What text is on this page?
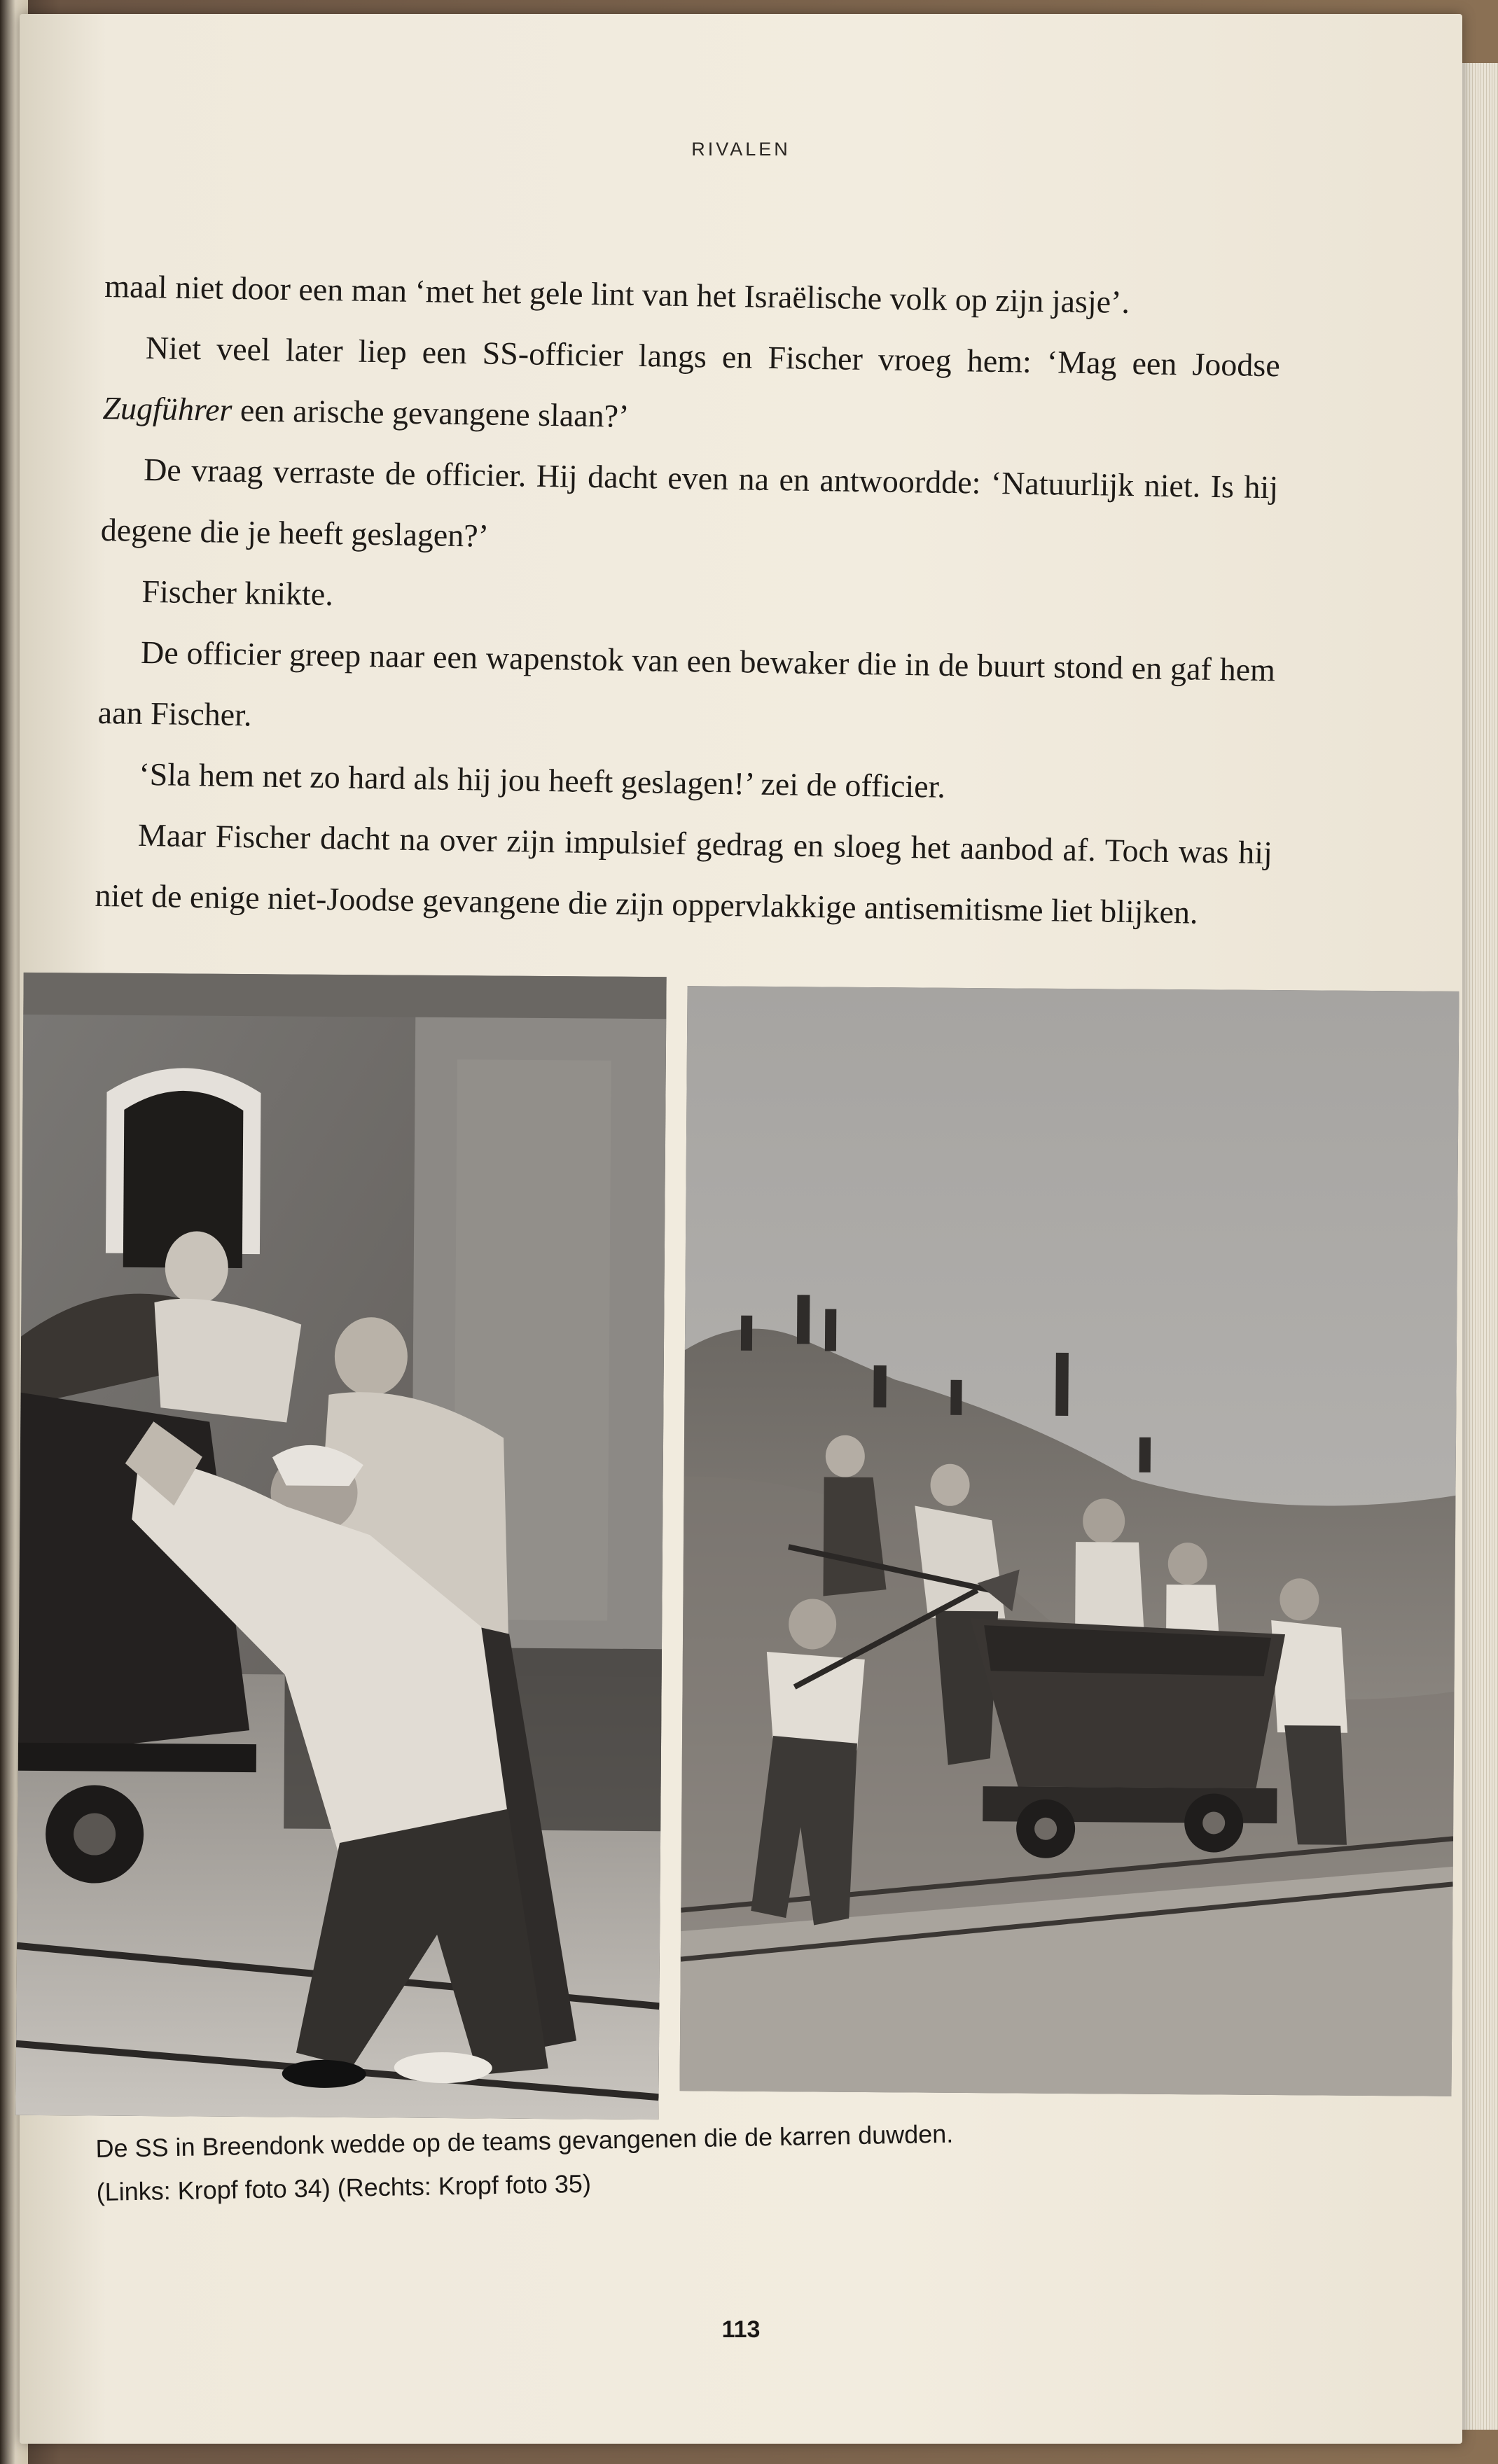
RIVALEN

maal niet door een man ‘met het gele lint van het Israëlische volk op zijn jasje’.

Niet veel later liep een SS-officier langs en Fischer vroeg hem: ‘Mag een Joodse Zugführer een arische gevangene slaan?’

De vraag verraste de officier. Hij dacht even na en antwoordde: ‘Natuurlijk niet. Is hij degene die je heeft geslagen?’

Fischer knikte.

De officier greep naar een wapenstok van een bewaker die in de buurt stond en gaf hem aan Fischer.

‘Sla hem net zo hard als hij jou heeft geslagen!’ zei de officier.

Maar Fischer dacht na over zijn impulsief gedrag en sloeg het aanbod af. Toch was hij niet de enige niet-Joodse gevangene die zijn oppervlakkige antisemitisme liet blijken.

De SS in Breendonk wedde op de teams gevangenen die de karren duwden.
(Links: Kropf foto 34) (Rechts: Kropf foto 35)
113
